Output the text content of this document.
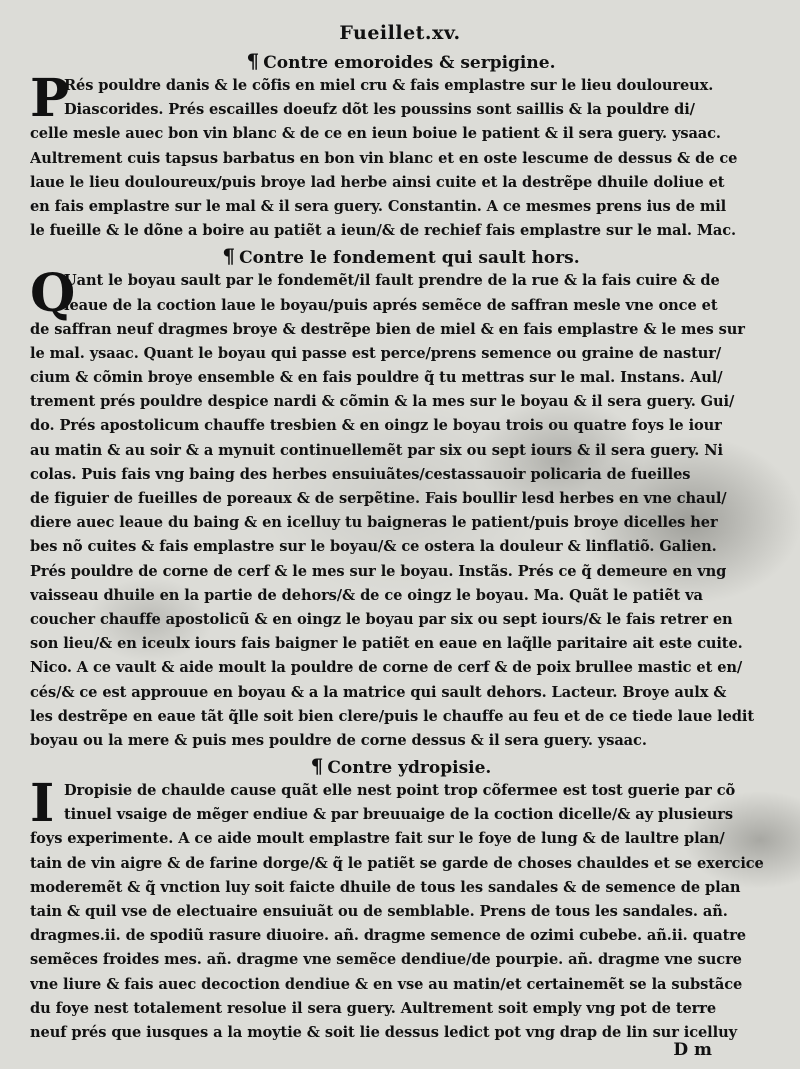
Fueillet.xv.
¶ Contre emoroides & serpigine.
P
Rés pouldre danis & le cõfis en miel cru & fais emplastre sur le lieu douloureux.
Diascorides. Prés escailles doeufz dõt les poussins sont saillis & la pouldre di/
celle mesle auec bon vin blanc & de ce en ieun boiue le patient & il sera guery. ysaac.
Aultrement cuis tapsus barbatus en bon vin blanc et en oste lescume de dessus & de ce
laue le lieu douloureux/puis broye lad herbe ainsi cuite et la destrẽpe dhuile doliue et
en fais emplastre sur le mal & il sera guery. Constantin. A ce mesmes prens ius de mil
le fueille & le dõne a boire au patiẽt a ieun/& de rechief fais emplastre sur le mal. Mac.
¶ Contre le fondement qui sault hors.
Q
Uant le boyau sault par le fondemẽt/il fault prendre de la rue & la fais cuire & de
leaue de la coction laue le boyau/puis aprés semẽce de saffran mesle vne once et
de saffran neuf dragmes broye & destrẽpe bien de miel & en fais emplastre & le mes sur
le mal. ysaac. Quant le boyau qui passe est perce/prens semence ou graine de nastur/
cium & cõmin broye ensemble & en fais pouldre q̃ tu mettras sur le mal. Instans. Aul/
trement prés pouldre despice nardi & cõmin & la mes sur le boyau & il sera guery. Gui/
do. Prés apostolicum chauffe tresbien & en oingz le boyau trois ou quatre foys le iour
au matin & au soir & a mynuit continuellemẽt par six ou sept iours & il sera guery. Ni
colas. Puis fais vng baing des herbes ensuiuãtes/cestassauoir policaria de fueilles
de figuier de fueilles de poreaux & de serpẽtine. Fais boullir lesd herbes en vne chaul/
diere auec leaue du baing & en icelluy tu baigneras le patient/puis broye dicelles her
bes nõ cuites & fais emplastre sur le boyau/& ce ostera la douleur & linflatiõ. Galien.
Prés pouldre de corne de cerf & le mes sur le boyau. Instãs. Prés ce q̃ demeure en vng
vaisseau dhuile en la partie de dehors/& de ce oingz le boyau. Ma. Quãt le patiẽt va
coucher chauffe apostolicũ & en oingz le boyau par six ou sept iours/& le fais retrer en
son lieu/& en iceulx iours fais baigner le patiẽt en eaue en laq̃lle paritaire ait este cuite.
Nico. A ce vault & aide moult la pouldre de corne de cerf & de poix brullee mastic et en/
cés/& ce est approuue en boyau & a la matrice qui sault dehors. Lacteur. Broye aulx &
les destrẽpe en eaue tãt q̃lle soit bien clere/puis le chauffe au feu et de ce tiede laue ledit
boyau ou la mere & puis mes pouldre de corne dessus & il sera guery. ysaac.
¶ Contre ydropisie.
I Dropisie de chaulde cause quãt elle nest point trop cõfermee est tost guerie par cõ
tinuel vsaige de mẽger endiue & par breuuaige de la coction dicelle/& ay plusieurs
foys experimente. A ce aide moult emplastre fait sur le foye de lung & de laultre plan/
tain de vin aigre & de farine dorge/& q̃ le patiẽt se garde de choses chauldes et se exercice
moderemẽt & q̃ vnction luy soit faicte dhuile de tous les sandales & de semence de plan
tain & quil vse de electuaire ensuiuãt ou de semblable. Prens de tous les sandales. añ.
dragmes.ii. de spodiũ rasure diuoire. añ. dragme semence de ozimi cubebe. añ.ii. quatre
semẽces froides mes. añ. dragme vne semẽce dendiue/de pourpie. añ. dragme vne sucre
vne liure & fais auec decoction dendiue & en vse au matin/et certainemẽt se la substãce
du foye nest totalement resolue il sera guery. Aultrement soit emply vng pot de terre
neuf prés que iusques a la moytie & soit lie dessus ledict pot vng drap de lin sur icelluy
D m
